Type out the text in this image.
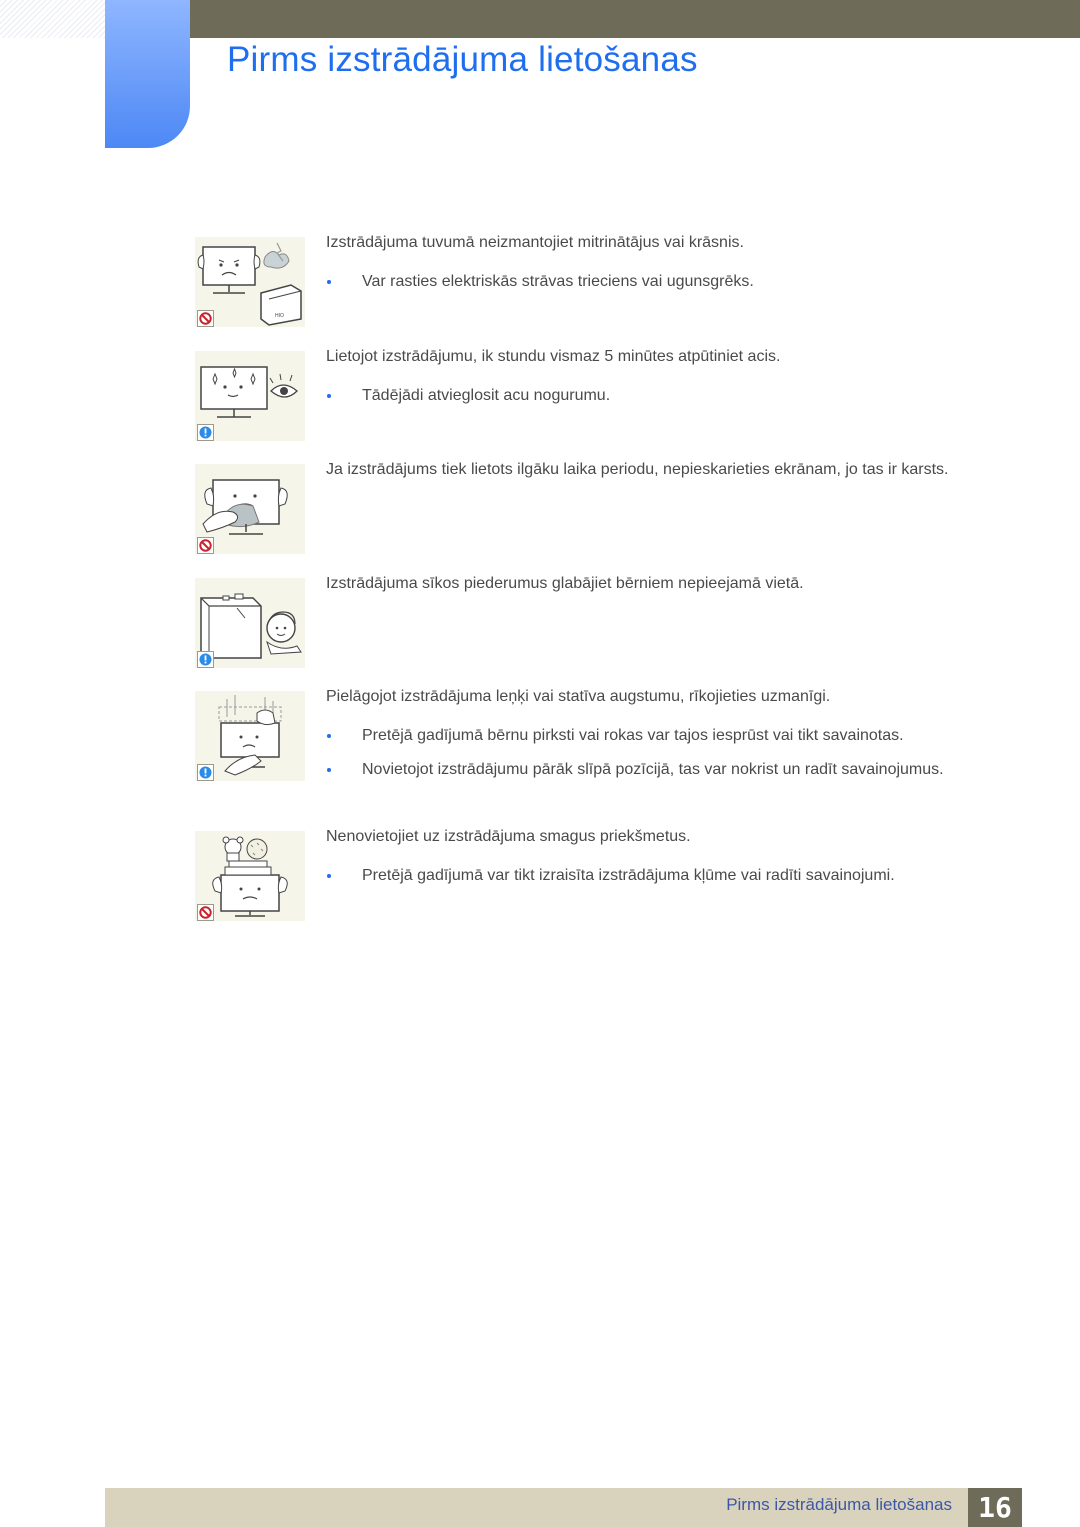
Pirms izstrādājuma lietošanas
HIO

Izstrādājuma tuvumā neizmantojiet mitrinātājus vai krāsnis.

Var rasties elektriskās strāvas trieciens vai ugunsgrēks.

Lietojot izstrādājumu, ik stundu vismaz 5 minūtes atpūtiniet acis.

Tādējādi atvieglosit acu nogurumu.

Ja izstrādājums tiek lietots ilgāku laika periodu, nepieskarieties ekrānam, jo tas ir karsts.

Izstrādājuma sīkos piederumus glabājiet bērniem nepieejamā vietā.

Pielāgojot izstrādājuma leņķi vai statīva augstumu, rīkojieties uzmanīgi.

Pretējā gadījumā bērnu pirksti vai rokas var tajos iesprūst vai tikt savainotas.
Novietojot izstrādājumu pārāk slīpā pozīcijā, tas var nokrist un radīt savainojumus.

Nenovietojiet uz izstrādājuma smagus priekšmetus.

Pretējā gadījumā var tikt izraisīta izstrādājuma kļūme vai radīti savainojumi.
Pirms izstrādājuma lietošanas 16
